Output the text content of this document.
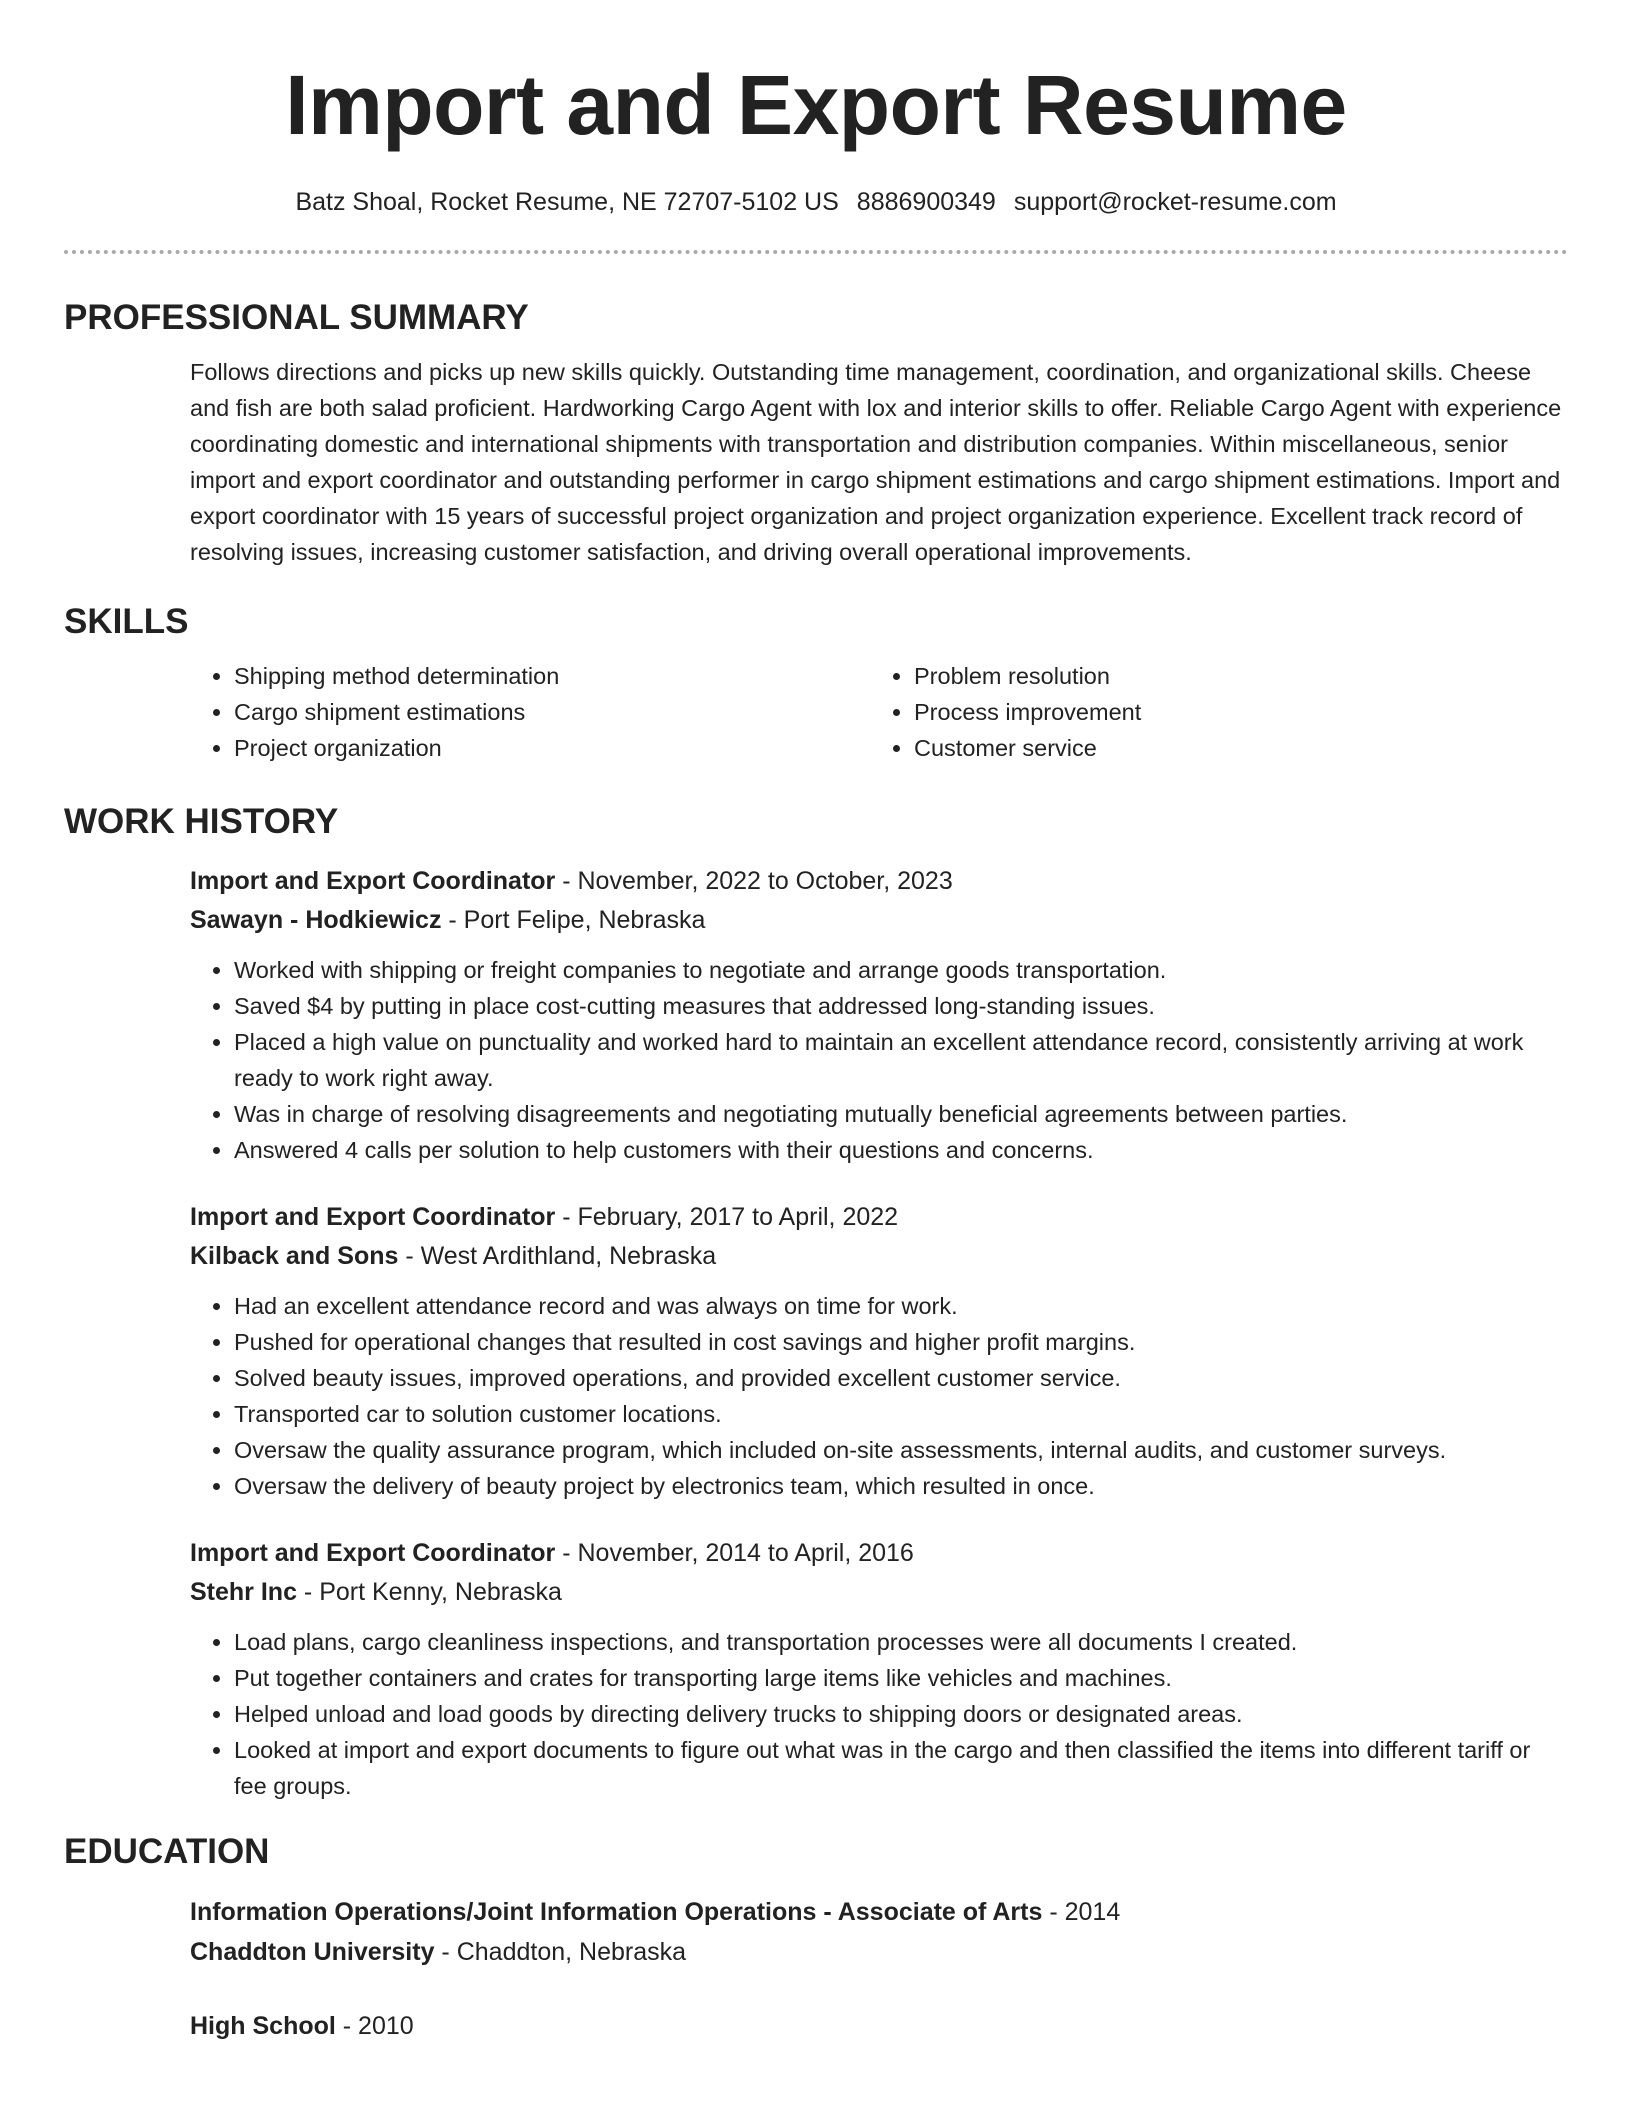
Import and Export Resume
Batz Shoal, Rocket Resume, NE 72707-5102 US 8886900349 support@rocket-resume.com
PROFESSIONAL SUMMARY

Follows directions and picks up new skills quickly. Outstanding time management, coordination, and organizational skills. Cheese and fish are both salad proficient. Hardworking Cargo Agent with lox and interior skills to offer. Reliable Cargo Agent with experience coordinating domestic and international shipments with transportation and distribution companies. Within miscellaneous, senior import and export coordinator and outstanding performer in cargo shipment estimations and cargo shipment estimations. Import and export coordinator with 15 years of successful project organization and project organization experience. Excellent track record of resolving issues, increasing customer satisfaction, and driving overall operational improvements.

SKILLS
• Shipping method determination
• Cargo shipment estimations
• Project organization
• Problem resolution
• Process improvement
• Customer service
WORK HISTORY
Import and Export Coordinator - November, 2022 to October, 2023
Sawayn - Hodkiewicz - Port Felipe, Nebraska
• Worked with shipping or freight companies to negotiate and arrange goods transportation.
• Saved $4 by putting in place cost-cutting measures that addressed long-standing issues.
• Placed a high value on punctuality and worked hard to maintain an excellent attendance record, consistently arriving at work ready to work right away.
• Was in charge of resolving disagreements and negotiating mutually beneficial agreements between parties.
• Answered 4 calls per solution to help customers with their questions and concerns.
Import and Export Coordinator - February, 2017 to April, 2022
Kilback and Sons - West Ardithland, Nebraska
• Had an excellent attendance record and was always on time for work.
• Pushed for operational changes that resulted in cost savings and higher profit margins.
• Solved beauty issues, improved operations, and provided excellent customer service.
• Transported car to solution customer locations.
• Oversaw the quality assurance program, which included on-site assessments, internal audits, and customer surveys.
• Oversaw the delivery of beauty project by electronics team, which resulted in once.
Import and Export Coordinator - November, 2014 to April, 2016
Stehr Inc - Port Kenny, Nebraska
• Load plans, cargo cleanliness inspections, and transportation processes were all documents I created.
• Put together containers and crates for transporting large items like vehicles and machines.
• Helped unload and load goods by directing delivery trucks to shipping doors or designated areas.
• Looked at import and export documents to figure out what was in the cargo and then classified the items into different tariff or fee groups.
EDUCATION
Information Operations/Joint Information Operations - Associate of Arts - 2014
Chaddton University - Chaddton, Nebraska
High School - 2010
